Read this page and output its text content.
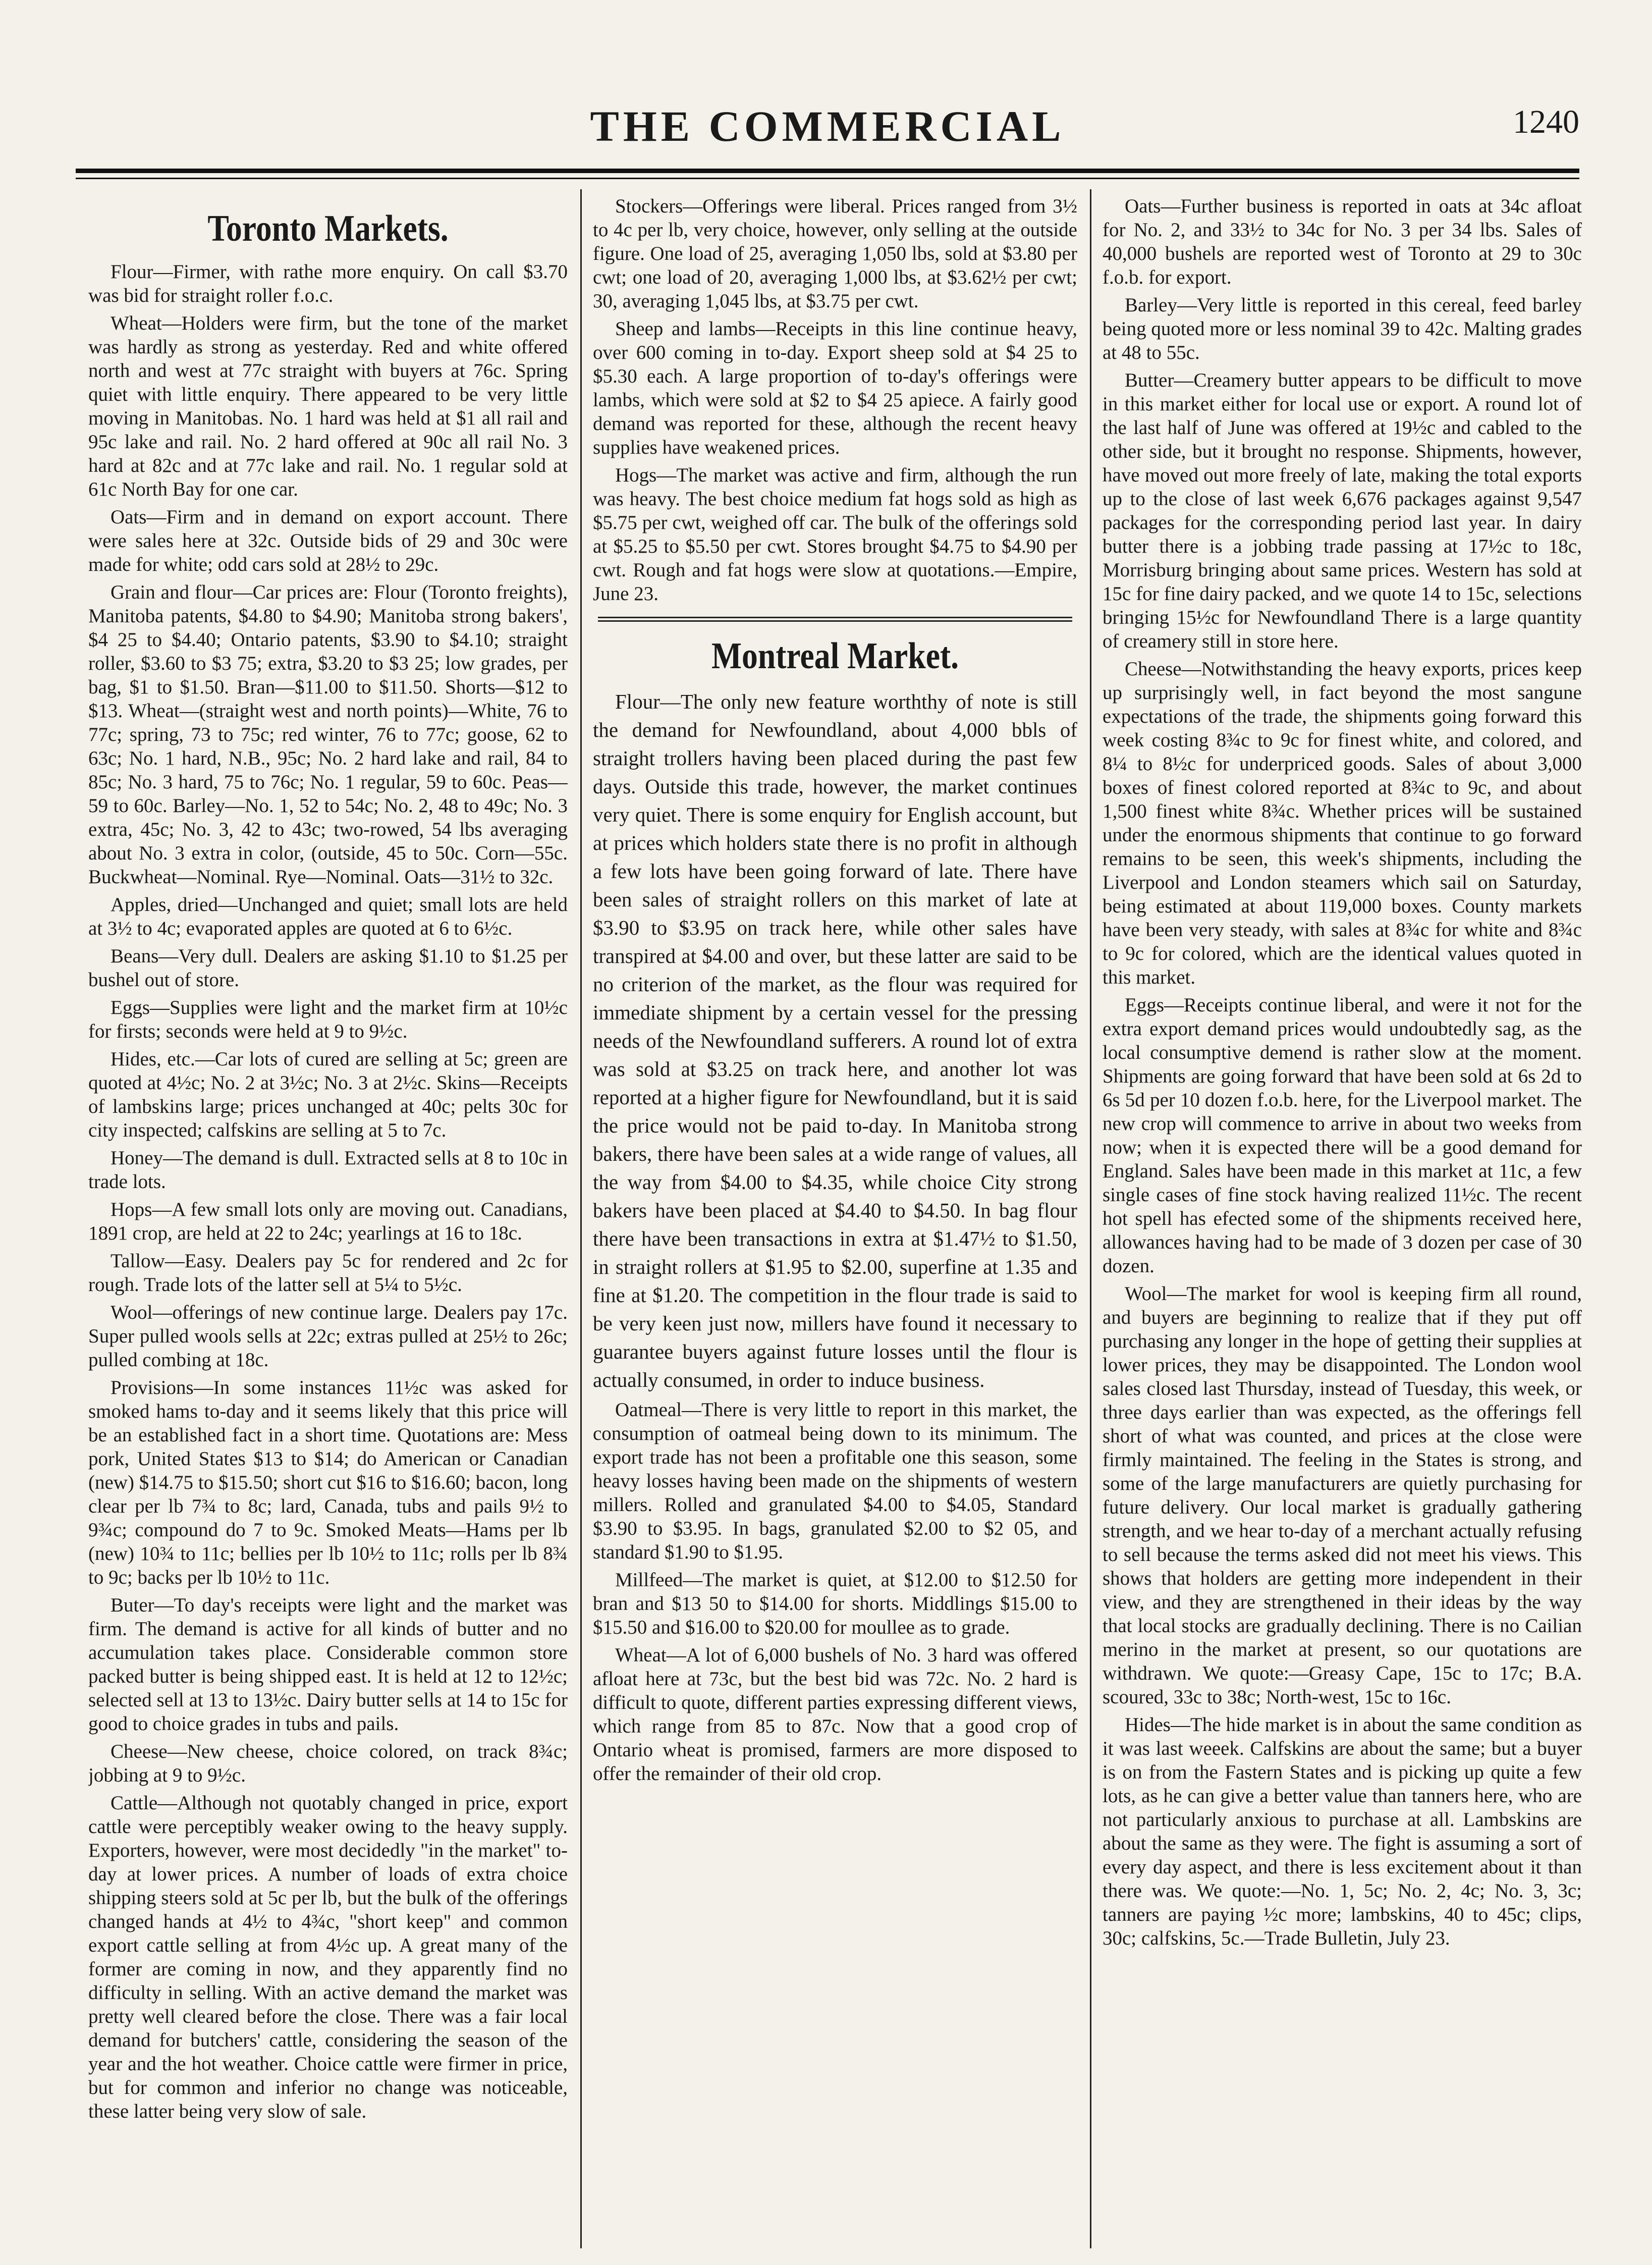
THE COMMERCIAL	1240
Toronto Markets.

Flour—Firmer, with rathe more enquiry. On call $3.70 was bid for straight roller f.o.c.

Wheat—Holders were firm, but the tone of the market was hardly as strong as yesterday. Red and white offered north and west at 77c straight with buyers at 76c. Spring quiet with little enquiry. There appeared to be very little moving in Manitobas. No. 1 hard was held at $1 all rail and 95c lake and rail. No. 2 hard offered at 90c all rail No. 3 hard at 82c and at 77c lake and rail. No. 1 regular sold at 61c North Bay for one car.

Oats—Firm and in demand on export account. There were sales here at 32c. Outside bids of 29 and 30c were made for white; odd cars sold at 28½ to 29c.

Grain and flour—Car prices are: Flour (Toronto freights), Manitoba patents, $4.80 to $4.90; Manitoba strong bakers', $4 25 to $4.40; Ontario patents, $3.90 to $4.10; straight roller, $3.60 to $3 75; extra, $3.20 to $3 25; low grades, per bag, $1 to $1.50. Bran—$11.00 to $11.50. Shorts—$12 to $13. Wheat—(straight west and north points)—White, 76 to 77c; spring, 73 to 75c; red winter, 76 to 77c; goose, 62 to 63c; No. 1 hard, N.B., 95c; No. 2 hard lake and rail, 84 to 85c; No. 3 hard, 75 to 76c; No. 1 regular, 59 to 60c. Peas—59 to 60c. Barley—No. 1, 52 to 54c; No. 2, 48 to 49c; No. 3 extra, 45c; No. 3, 42 to 43c; two-rowed, 54 lbs averaging about No. 3 extra in color, (outside, 45 to 50c. Corn—55c. Buckwheat—Nominal. Rye—Nominal. Oats—31½ to 32c.

Apples, dried—Unchanged and quiet; small lots are held at 3½ to 4c; evaporated apples are quoted at 6 to 6½c.

Beans—Very dull. Dealers are asking $1.10 to $1.25 per bushel out of store.

Eggs—Supplies were light and the market firm at 10½c for firsts; seconds were held at 9 to 9½c.

Hides, etc.—Car lots of cured are selling at 5c; green are quoted at 4½c; No. 2 at 3½c; No. 3 at 2½c. Skins—Receipts of lambskins large; prices unchanged at 40c; pelts 30c for city inspected; calfskins are selling at 5 to 7c.

Honey—The demand is dull. Extracted sells at 8 to 10c in trade lots.

Hops—A few small lots only are moving out. Canadians, 1891 crop, are held at 22 to 24c; yearlings at 16 to 18c.

Tallow—Easy. Dealers pay 5c for rendered and 2c for rough. Trade lots of the latter sell at 5¼ to 5½c.

Wool—offerings of new continue large. Dealers pay 17c. Super pulled wools sells at 22c; extras pulled at 25½ to 26c; pulled combing at 18c.

Provisions—In some instances 11½c was asked for smoked hams to-day and it seems likely that this price will be an established fact in a short time. Quotations are: Mess pork, United States $13 to $14; do American or Canadian (new) $14.75 to $15.50; short cut $16 to $16.60; bacon, long clear per lb 7¾ to 8c; lard, Canada, tubs and pails 9½ to 9¾c; compound do 7 to 9c. Smoked Meats—Hams per lb (new) 10¾ to 11c; bellies per lb 10½ to 11c; rolls per lb 8¾ to 9c; backs per lb 10½ to 11c.

Buter—To day's receipts were light and the market was firm. The demand is active for all kinds of butter and no accumulation takes place. Considerable common store packed butter is being shipped east. It is held at 12 to 12½c; selected sell at 13 to 13½c. Dairy butter sells at 14 to 15c for good to choice grades in tubs and pails.

Cheese—New cheese, choice colored, on track 8¾c; jobbing at 9 to 9½c.

Cattle—Although not quotably changed in price, export cattle were perceptibly weaker owing to the heavy supply. Exporters, however, were most decidedly "in the market" to-day at lower prices. A number of loads of extra choice shipping steers sold at 5c per lb, but the bulk of the offerings changed hands at 4½ to 4¾c, "short keep" and common export cattle selling at from 4½c up. A great many of the former are coming in now, and they apparently find no difficulty in selling. With an active demand the market was pretty well cleared before the close. There was a fair local demand for butchers' cattle, considering the season of the year and the hot weather. Choice cattle were firmer in price, but for common and inferior no change was noticeable, these latter being very slow of sale.

Stockers—Offerings were liberal. Prices ranged from 3½ to 4c per lb, very choice, however, only selling at the outside figure. One load of 25, averaging 1,050 lbs, sold at $3.80 per cwt; one load of 20, averaging 1,000 lbs, at $3.62½ per cwt; 30, averaging 1,045 lbs, at $3.75 per cwt.

Sheep and lambs—Receipts in this line continue heavy, over 600 coming in to-day. Export sheep sold at $4 25 to $5.30 each. A large proportion of to-day's offerings were lambs, which were sold at $2 to $4 25 apiece. A fairly good demand was reported for these, although the recent heavy supplies have weakened prices.

Hogs—The market was active and firm, although the run was heavy. The best choice medium fat hogs sold as high as $5.75 per cwt, weighed off car. The bulk of the offerings sold at $5.25 to $5.50 per cwt. Stores brought $4.75 to $4.90 per cwt. Rough and fat hogs were slow at quotations.—Empire, June 23.

Montreal Market.

Flour—The only new feature worththy of note is still the demand for Newfoundland, about 4,000 bbls of straight trollers having been placed during the past few days. Outside this trade, however, the market continues very quiet. There is some enquiry for English account, but at prices which holders state there is no profit in although a few lots have been going forward of late. There have been sales of straight rollers on this market of late at $3.90 to $3.95 on track here, while other sales have transpired at $4.00 and over, but these latter are said to be no criterion of the market, as the flour was required for immediate shipment by a certain vessel for the pressing needs of the Newfoundland sufferers. A round lot of extra was sold at $3.25 on track here, and another lot was reported at a higher figure for Newfoundland, but it is said the price would not be paid to-day. In Manitoba strong bakers, there have been sales at a wide range of values, all the way from $4.00 to $4.35, while choice City strong bakers have been placed at $4.40 to $4.50. In bag flour there have been transactions in extra at $1.47½ to $1.50, in straight rollers at $1.95 to $2.00, superfine at 1.35 and fine at $1.20. The competition in the flour trade is said to be very keen just now, millers have found it necessary to guarantee buyers against future losses until the flour is actually consumed, in order to induce business.

Oatmeal—There is very little to report in this market, the consumption of oatmeal being down to its minimum. The export trade has not been a profitable one this season, some heavy losses having been made on the shipments of western millers. Rolled and granulated $4.00 to $4.05, Standard $3.90 to $3.95. In bags, granulated $2.00 to $2 05, and standard $1.90 to $1.95.

Millfeed—The market is quiet, at $12.00 to $12.50 for bran and $13 50 to $14.00 for shorts. Middlings $15.00 to $15.50 and $16.00 to $20.00 for moullee as to grade.

Wheat—A lot of 6,000 bushels of No. 3 hard was offered afloat here at 73c, but the best bid was 72c. No. 2 hard is difficult to quote, different parties expressing different views, which range from 85 to 87c. Now that a good crop of Ontario wheat is promised, farmers are more disposed to offer the remainder of their old crop.

Oats—Further business is reported in oats at 34c afloat for No. 2, and 33½ to 34c for No. 3 per 34 lbs. Sales of 40,000 bushels are reported west of Toronto at 29 to 30c f.o.b. for export.

Barley—Very little is reported in this cereal, feed barley being quoted more or less nominal 39 to 42c. Malting grades at 48 to 55c.

Butter—Creamery butter appears to be difficult to move in this market either for local use or export. A round lot of the last half of June was offered at 19½c and cabled to the other side, but it brought no response. Shipments, however, have moved out more freely of late, making the total exports up to the close of last week 6,676 packages against 9,547 packages for the corresponding period last year. In dairy butter there is a jobbing trade passing at 17½c to 18c, Morrisburg bringing about same prices. Western has sold at 15c for fine dairy packed, and we quote 14 to 15c, selections bringing 15½c for Newfoundland There is a large quantity of creamery still in store here.

Cheese—Notwithstanding the heavy exports, prices keep up surprisingly well, in fact beyond the most sangune expectations of the trade, the shipments going forward this week costing 8¾c to 9c for finest white, and colored, and 8¼ to 8½c for underpriced goods. Sales of about 3,000 boxes of finest colored reported at 8¾c to 9c, and about 1,500 finest white 8¾c. Whether prices will be sustained under the enormous shipments that continue to go forward remains to be seen, this week's shipments, including the Liverpool and London steamers which sail on Saturday, being estimated at about 119,000 boxes. County markets have been very steady, with sales at 8¾c for white and 8¾c to 9c for colored, which are the identical values quoted in this market.

Eggs—Receipts continue liberal, and were it not for the extra export demand prices would undoubtedly sag, as the local consumptive demend is rather slow at the moment. Shipments are going forward that have been sold at 6s 2d to 6s 5d per 10 dozen f.o.b. here, for the Liverpool market. The new crop will commence to arrive in about two weeks from now; when it is expected there will be a good demand for England. Sales have been made in this market at 11c, a few single cases of fine stock having realized 11½c. The recent hot spell has efected some of the shipments received here, allowances having had to be made of 3 dozen per case of 30 dozen.

Wool—The market for wool is keeping firm all round, and buyers are beginning to realize that if they put off purchasing any longer in the hope of getting their supplies at lower prices, they may be disappointed. The London wool sales closed last Thursday, instead of Tuesday, this week, or three days earlier than was expected, as the offerings fell short of what was counted, and prices at the close were firmly maintained. The feeling in the States is strong, and some of the large manufacturers are quietly purchasing for future delivery. Our local market is gradually gathering strength, and we hear to-day of a merchant actually refusing to sell because the terms asked did not meet his views. This shows that holders are getting more independent in their view, and they are strengthened in their ideas by the way that local stocks are gradually declining. There is no Cailian merino in the market at present, so our quotations are withdrawn. We quote:—Greasy Cape, 15c to 17c; B.A. scoured, 33c to 38c; North-west, 15c to 16c.

Hides—The hide market is in about the same condition as it was last weeek. Calfskins are about the same; but a buyer is on from the Fastern States and is picking up quite a few lots, as he can give a better value than tanners here, who are not particularly anxious to purchase at all. Lambskins are about the same as they were. The fight is assuming a sort of every day aspect, and there is less excitement about it than there was. We quote:—No. 1, 5c; No. 2, 4c; No. 3, 3c; tanners are paying ½c more; lambskins, 40 to 45c; clips, 30c; calfskins, 5c.—Trade Bulletin, July 23.
